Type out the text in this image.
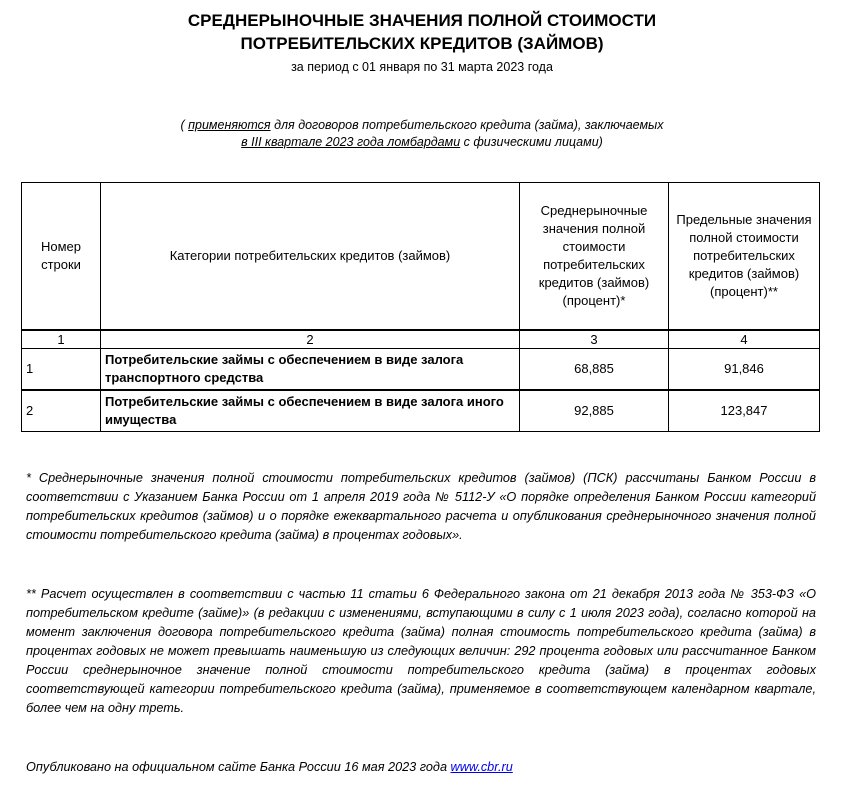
СРЕДНЕРЫНОЧНЫЕ ЗНАЧЕНИЯ ПОЛНОЙ СТОИМОСТИ
ПОТРЕБИТЕЛЬСКИХ КРЕДИТОВ (ЗАЙМОВ)
за период с 01 января по 31 марта 2023 года
( применяются для договоров потребительского кредита (займа), заключаемых
в III квартале 2023 года ломбардами с физическими лицами)
Номер строки	Категории потребительских кредитов (займов)	Среднерыночные значения полной стоимости потребительских кредитов (займов) (процент)*	Предельные значения полной стоимости потребительских кредитов (займов) (процент)**
1	2	3	4
1	Потребительские займы с обеспечением в виде залога транспортного средства	68,885	91,846
2	Потребительские займы с обеспечением в виде залога иного имущества	92,885	123,847

* Среднерыночные значения полной стоимости потребительских кредитов (займов) (ПСК) рассчитаны Банком России в соответствии с Указанием Банка России от 1 апреля 2019 года № 5112-У «О порядке определения Банком России категорий потребительских кредитов (займов) и о порядке ежеквартального расчета и опубликования среднерыночного значения полной стоимости потребительского кредита (займа) в процентах годовых».

** Расчет осуществлен в соответствии с частью 11 статьи 6 Федерального закона от 21 декабря 2013 года № 353-ФЗ «О потребительском кредите (займе)» (в редакции с изменениями, вступающими в силу с 1 июля 2023 года), согласно которой на момент заключения договора потребительского кредита (займа) полная стоимость потребительского кредита (займа) в процентах годовых не может превышать наименьшую из следующих величин: 292 процента годовых или рассчитанное Банком России среднерыночное значение полной стоимости потребительского кредита (займа) в процентах годовых соответствующей категории потребительского кредита (займа), применяемое в соответствующем календарном квартале, более чем на одну треть.

Опубликовано на официальном сайте Банка России 16 мая 2023 года www.cbr.ru
